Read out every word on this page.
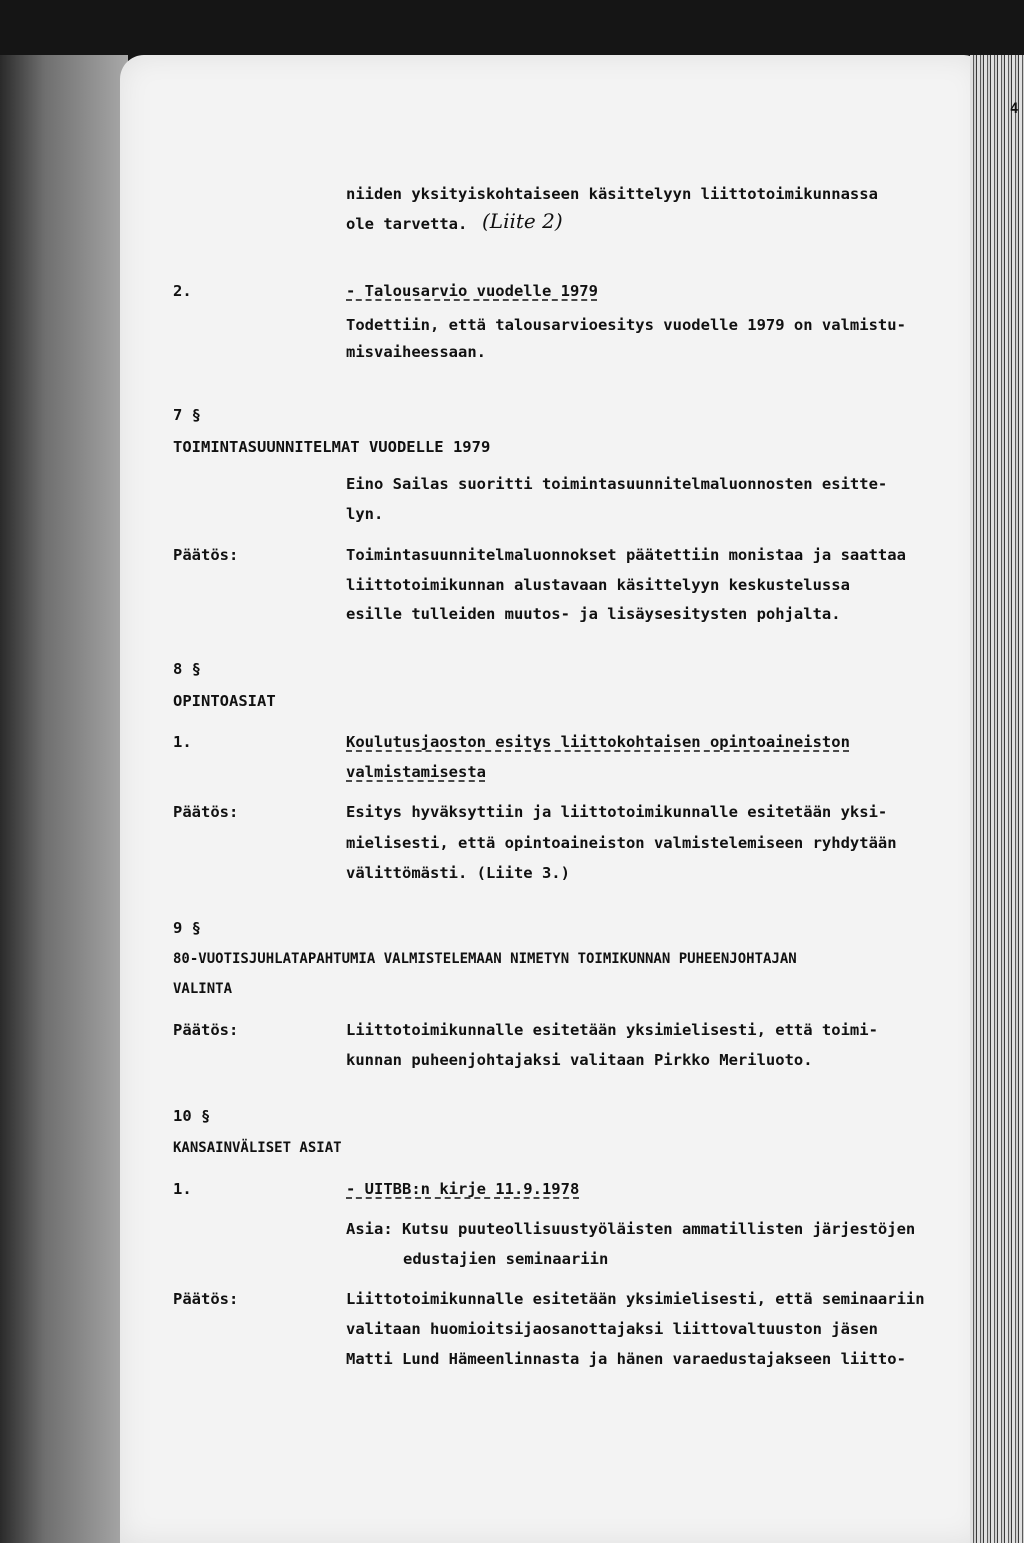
4
niiden yksityiskohtaiseen käsittelyyn liittotoimikunnassa
ole tarvetta. (Liite 2)
2.	- Talousarvio vuodelle 1979
Todettiin, että talousarvioesitys vuodelle 1979 on valmistu-
misvaiheessaan.
7 §
TOIMINTASUUNNITELMAT VUODELLE 1979
Eino Sailas suoritti toimintasuunnitelmaluonnosten esitte-
lyn.
Päätös:	Toimintasuunnitelmaluonnokset päätettiin monistaa ja saattaa
liittotoimikunnan alustavaan käsittelyyn keskustelussa
esille tulleiden muutos- ja lisäysesitysten pohjalta.
8 §
OPINTOASIAT
1.	Koulutusjaoston esitys liittokohtaisen opintoaineiston
valmistamisesta
Päätös:	Esitys hyväksyttiin ja liittotoimikunnalle esitetään yksi-
mielisesti, että opintoaineiston valmistelemiseen ryhdytään
välittömästi. (Liite 3.)
9 §
80-VUOTISJUHLATAPAHTUMIA VALMISTELEMAAN NIMETYN TOIMIKUNNAN PUHEENJOHTAJAN
VALINTA
Päätös:	Liittotoimikunnalle esitetään yksimielisesti, että toimi-
kunnan puheenjohtajaksi valitaan Pirkko Meriluoto.
10 §
KANSAINVÄLISET ASIAT
1.	- UITBB:n kirje 11.9.1978
Asia: Kutsu puuteollisuustyöläisten ammatillisten järjestöjen
edustajien seminaariin
Päätös:	Liittotoimikunnalle esitetään yksimielisesti, että seminaariin
valitaan huomioitsijaosanottajaksi liittovaltuuston jäsen
Matti Lund Hämeenlinnasta ja hänen varaedustajakseen liitto-
